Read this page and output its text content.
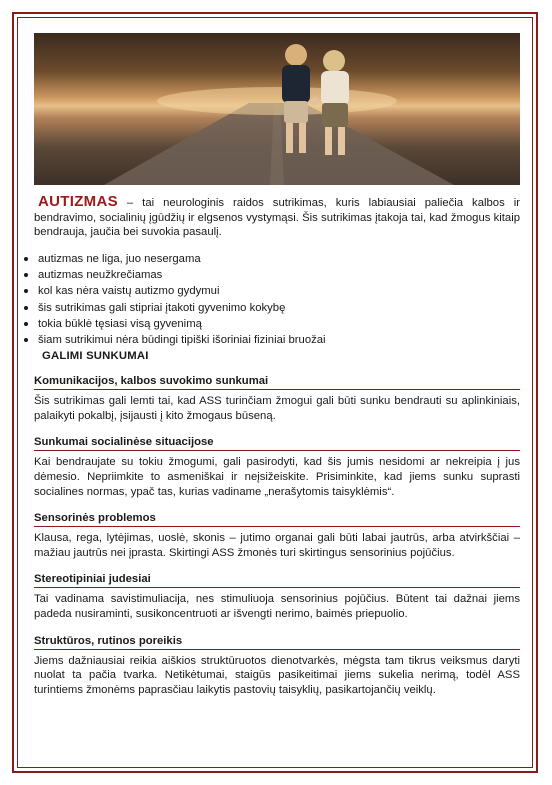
AUTIZMAS – tai neurologinis raidos sutrikimas, kuris labiausiai paliečia kalbos ir bendravimo, socialinių įgūdžių ir elgsenos vystymąsi. Šis sutrikimas įtakoja tai, kad žmogus kitaip bendrauja, jaučia bei suvokia pasaulį.

autizmas ne liga, juo nesergama
autizmas neužkrečiamas
kol kas nėra vaistų autizmo gydymui
šis sutrikimas gali stipriai įtakoti gyvenimo kokybę
tokia būklė tęsiasi visą gyvenimą
šiam sutrikimui nėra būdingi tipiški išoriniai fiziniai bruožai
GALIMI SUNKUMAI
Komunikacijos, kalbos suvokimo sunkumai
Šis sutrikimas gali lemti tai, kad ASS turinčiam žmogui gali būti sunku bendrauti su aplinkiniais, palaikyti pokalbį, įsijausti į kito žmogaus būseną.
Sunkumai socialinėse situacijose
Kai bendraujate su tokiu žmogumi, gali pasirodyti, kad šis jumis nesidomi ar nekreipia į jus dėmesio. Nepriimkite to asmeniškai ir neįsižeiskite. Prisiminkite, kad jiems sunku suprasti socialines normas, ypač tas, kurias vadiname „nerašytomis taisyklėmis“.
Sensorinės problemos
Klausa, rega, lytėjimas, uoslė, skonis – jutimo organai gali būti labai jautrūs, arba atvirkščiai – mažiau jautrūs nei įprasta. Skirtingi ASS žmonės turi skirtingus sensorinius pojūčius.
Stereotipiniai judesiai
Tai vadinama savistimuliacija, nes stimuliuoja sensorinius pojūčius. Būtent tai dažnai jiems padeda nusiraminti, susikoncentruoti ar išvengti nerimo, baimės priepuolio.
Struktūros, rutinos poreikis
Jiems dažniausiai reikia aiškios struktūruotos dienotvarkės, mėgsta tam tikrus veiksmus daryti nuolat ta pačia tvarka. Netikėtumai, staigūs pasikeitimai jiems sukelia nerimą, todėl ASS turintiems žmonėms paprasčiau laikytis pastovių taisyklių, pasikartojančių veiklų.
